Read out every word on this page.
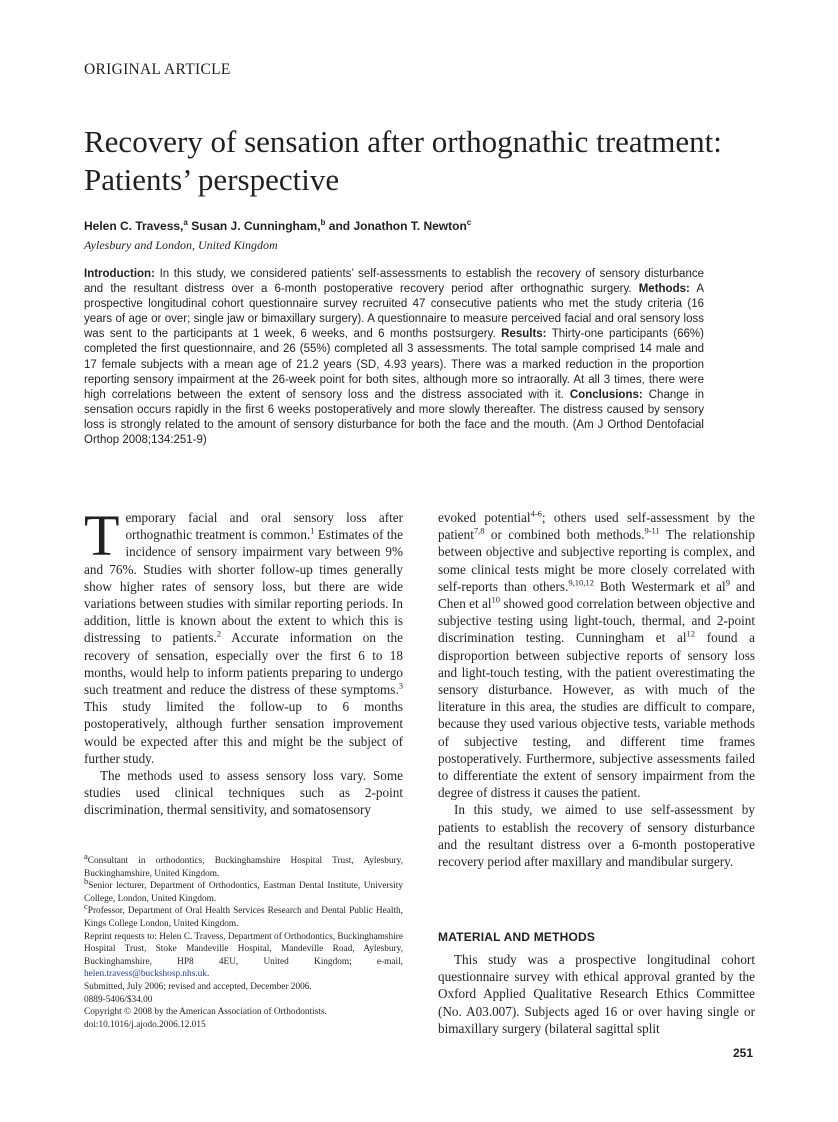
ORIGINAL ARTICLE
Recovery of sensation after orthognathic treatment: Patients’ perspective
Helen C. Travess,$^a$ Susan J. Cunningham,$^b$ and Jonathon T. Newton$^c$
Aylesbury and London, United Kingdom

Introduction: In this study, we considered patients’ self-assessments to establish the recovery of sensory disturbance and the resultant distress over a 6-month postoperative recovery period after orthognathic surgery. Methods: A prospective longitudinal cohort questionnaire survey recruited 47 consecutive patients who met the study criteria (16 years of age or over; single jaw or bimaxillary surgery). A questionnaire to measure perceived facial and oral sensory loss was sent to the participants at 1 week, 6 weeks, and 6 months postsurgery. Results: Thirty-one participants (66%) completed the first questionnaire, and 26 (55%) completed all 3 assessments. The total sample comprised 14 male and 17 female subjects with a mean age of 21.2 years (SD, 4.93 years). There was a marked reduction in the proportion reporting sensory impairment at the 26-week point for both sites, although more so intraorally. At all 3 times, there were high correlations between the extent of sensory loss and the distress associated with it. Conclusions: Change in sensation occurs rapidly in the first 6 weeks postoperatively and more slowly thereafter. The distress caused by sensory loss is strongly related to the amount of sensory disturbance for both the face and the mouth. (Am J Orthod Dentofacial Orthop 2008;134:251-9)

Temporary facial and oral sensory loss after orthognathic treatment is common.$^1$ Estimates of the incidence of sensory impairment vary between 9% and 76%. Studies with shorter follow-up times generally show higher rates of sensory loss, but there are wide variations between studies with similar reporting periods. In addition, little is known about the extent to which this is distressing to patients.$^2$ Accurate information on the recovery of sensation, especially over the first 6 to 18 months, would help to inform patients preparing to undergo such treatment and reduce the distress of these symptoms.$^3$ This study limited the follow-up to 6 months postoperatively, although further sensation improvement would be expected after this and might be the subject of further study.

The methods used to assess sensory loss vary. Some studies used clinical techniques such as 2-point discrimination, thermal sensitivity, and somatosensory

$^a$Consultant in orthodontics, Buckinghamshire Hospital Trust, Aylesbury, Buckinghamshire, United Kingdom.

$^b$Senior lecturer, Department of Orthodontics, Eastman Dental Institute, University College, London, United Kingdom.

$^c$Professor, Department of Oral Health Services Research and Dental Public Health, Kings College London, United Kingdom.

Reprint requests to: Helen C. Travess, Department of Orthodontics, Buckinghamshire Hospital Trust, Stoke Mandeville Hospital, Mandeville Road, Aylesbury, Buckinghamshire, HP8 4EU, United Kingdom; e-mail, helen.travess@buckshosp.nhs.uk.

Submitted, July 2006; revised and accepted, December 2006.

0889-5406/$34.00

Copyright © 2008 by the American Association of Orthodontists.

doi:10.1016/j.ajodo.2006.12.015

evoked potential$^{4-6}$; others used self-assessment by the patient$^{7,8}$ or combined both methods.$^{9-11}$ The relationship between objective and subjective reporting is complex, and some clinical tests might be more closely correlated with self-reports than others.$^{9,10,12}$ Both Westermark et $al^9$ and Chen et $al^{10}$ showed good correlation between objective and subjective testing using light-touch, thermal, and 2-point discrimination testing. Cunningham et $al^{12}$ found a disproportion between subjective reports of sensory loss and light-touch testing, with the patient overestimating the sensory disturbance. However, as with much of the literature in this area, the studies are difficult to compare, because they used various objective tests, variable methods of subjective testing, and different time frames postoperatively. Furthermore, subjective assessments failed to differentiate the extent of sensory impairment from the degree of distress it causes the patient.

In this study, we aimed to use self-assessment by patients to establish the recovery of sensory disturbance and the resultant distress over a 6-month postoperative recovery period after maxillary and mandibular surgery.

MATERIAL AND METHODS

This study was a prospective longitudinal cohort questionnaire survey with ethical approval granted by the Oxford Applied Qualitative Research Ethics Committee (No. A03.007). Subjects aged 16 or over having single or bimaxillary surgery (bilateral sagittal split

251
